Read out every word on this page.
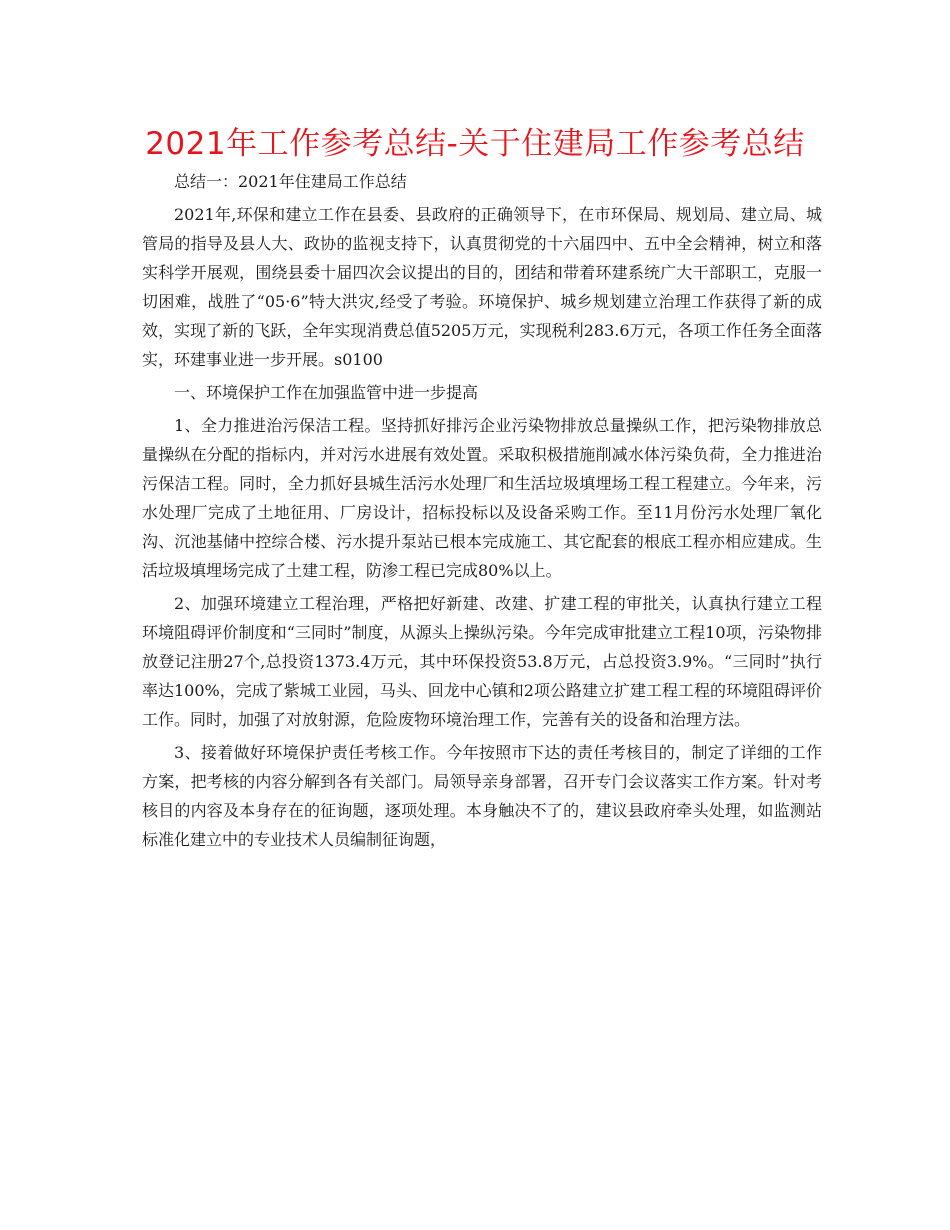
2021年工作参考总结-关于住建局工作参考总结

总结一：2021年住建局工作总结

2021年,环保和建立工作在县委、县政府的正确领导下，在市环保局、规划局、建立局、城管局的指导及县人大、政协的监视支持下，认真贯彻党的十六届四中、五中全会精神，树立和落实科学开展观，围绕县委十届四次会议提出的目的，团结和带着环建系统广大干部职工，克服一切困难，战胜了“05·6”特大洪灾,经受了考验。环境保护、城乡规划建立治理工作获得了新的成效，实现了新的飞跃，全年实现消费总值5205万元，实现税利283.6万元，各项工作任务全面落实，环建事业进一步开展。s0100

一、环境保护工作在加强监管中进一步提高

1、全力推进治污保洁工程。坚持抓好排污企业污染物排放总量操纵工作，把污染物排放总量操纵在分配的指标内，并对污水进展有效处置。采取积极措施削减水体污染负荷，全力推进治污保洁工程。同时，全力抓好县城生活污水处理厂和生活垃圾填埋场工程工程建立。今年来，污水处理厂完成了土地征用、厂房设计，招标投标以及设备采购工作。至11月份污水处理厂氧化沟、沉池基储中控综合楼、污水提升泵站已根本完成施工、其它配套的根底工程亦相应建成。生活垃圾填埋场完成了土建工程，防渗工程已完成80%以上。

2、加强环境建立工程治理，严格把好新建、改建、扩建工程的审批关，认真执行建立工程环境阻碍评价制度和“三同时”制度，从源头上操纵污染。今年完成审批建立工程10项，污染物排放登记注册27个,总投资1373.4万元，其中环保投资53.8万元，占总投资3.9%。“三同时”执行率达100%，完成了紫城工业园，马头、回龙中心镇和2项公路建立扩建工程工程的环境阻碍评价工作。同时，加强了对放射源，危险废物环境治理工作，完善有关的设备和治理方法。

3、接着做好环境保护责任考核工作。今年按照市下达的责任考核目的，制定了详细的工作方案，把考核的内容分解到各有关部门。局领导亲身部署，召开专门会议落实工作方案。针对考核目的内容及本身存在的征询题，逐项处理。本身触决不了的，建议县政府牵头处理，如监测站标准化建立中的专业技术人员编制征询题，
